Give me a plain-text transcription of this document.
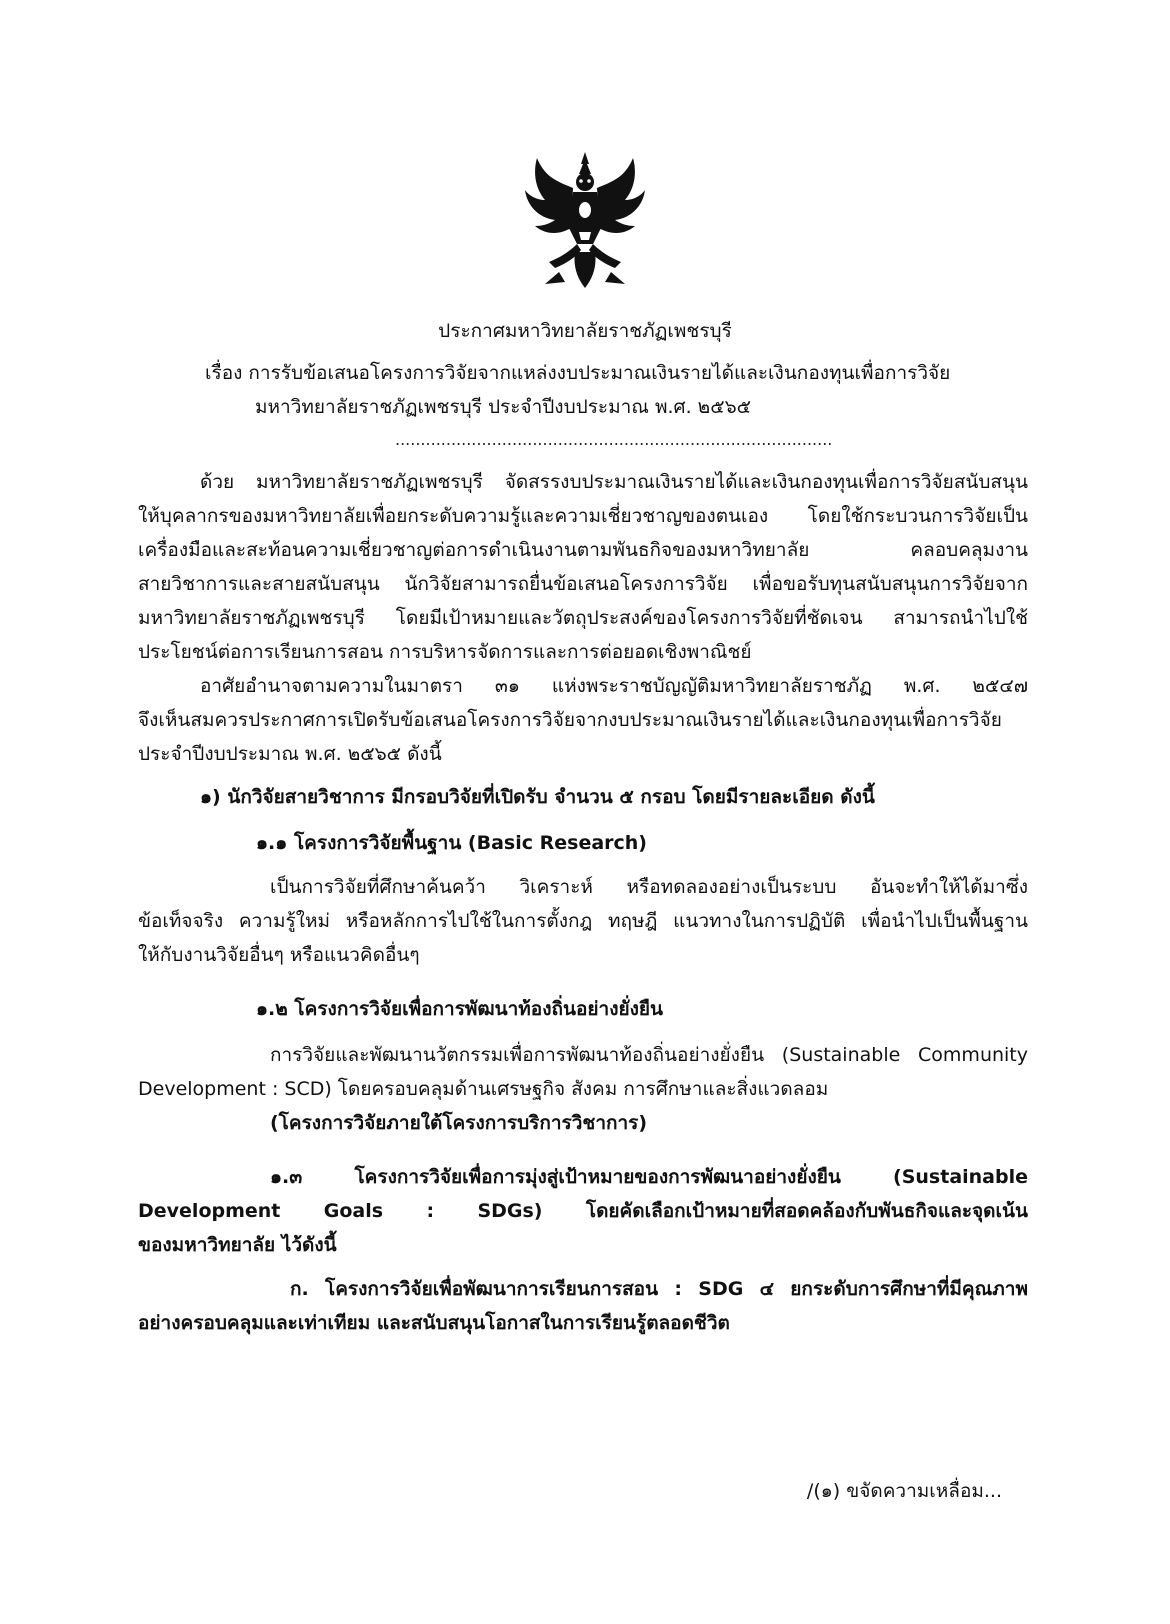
ประกาศมหาวิทยาลัยราชภัฏเพชรบุรี
เรื่อง การรับข้อเสนอโครงการวิจัยจากแหล่งงบประมาณเงินรายได้และเงินกองทุนเพื่อการวิจัย
มหาวิทยาลัยราชภัฏเพชรบุรี ประจำปีงบประมาณ พ.ศ. ๒๕๖๕
......................................................................................
ด้วย มหาวิทยาลัยราชภัฏเพชรบุรี จัดสรรงบประมาณเงินรายได้และเงินกองทุนเพื่อการวิจัยสนับสนุน
ให้บุคลากรของมหาวิทยาลัยเพื่อยกระดับความรู้และความเชี่ยวชาญของตนเอง โดยใช้กระบวนการวิจัยเป็น
เครื่องมือและสะท้อนความเชี่ยวชาญต่อการดำเนินงานตามพันธกิจของมหาวิทยาลัย คลอบคลุมงาน
สายวิชาการและสายสนับสนุน นักวิจัยสามารถยื่นข้อเสนอโครงการวิจัย เพื่อขอรับทุนสนับสนุนการวิจัยจาก
มหาวิทยาลัยราชภัฏเพชรบุรี โดยมีเป้าหมายและวัตถุประสงค์ของโครงการวิจัยที่ชัดเจน สามารถนำไปใช้
ประโยชน์ต่อการเรียนการสอน การบริหารจัดการและการต่อยอดเชิงพาณิชย์
อาศัยอำนาจตามความในมาตรา ๓๑ แห่งพระราชบัญญัติมหาวิทยาลัยราชภัฏ พ.ศ. ๒๕๔๗
จึงเห็นสมควรประกาศการเปิดรับข้อเสนอโครงการวิจัยจากงบประมาณเงินรายได้และเงินกองทุนเพื่อการวิจัย
ประจำปีงบประมาณ พ.ศ. ๒๕๖๕ ดังนี้
๑) นักวิจัยสายวิชาการ มีกรอบวิจัยที่เปิดรับ จำนวน ๕ กรอบ โดยมีรายละเอียด ดังนี้
๑.๑ โครงการวิจัยพื้นฐาน (Basic Research)
เป็นการวิจัยที่ศึกษาค้นคว้า วิเคราะห์ หรือทดลองอย่างเป็นระบบ อันจะทำให้ได้มาซึ่ง
ข้อเท็จจริง ความรู้ใหม่ หรือหลักการไปใช้ในการตั้งกฎ ทฤษฎี แนวทางในการปฏิบัติ เพื่อนำไปเป็นพื้นฐาน
ให้กับงานวิจัยอื่นๆ หรือแนวคิดอื่นๆ
๑.๒ โครงการวิจัยเพื่อการพัฒนาท้องถิ่นอย่างยั่งยืน
การวิจัยและพัฒนานวัตกรรมเพื่อการพัฒนาท้องถิ่นอย่างยั่งยืน (Sustainable Community
Development : SCD) โดยครอบคลุมด้านเศรษฐกิจ สังคม การศึกษาและสิ่งแวดลอม
(โครงการวิจัยภายใต้โครงการบริการวิชาการ)
๑.๓ โครงการวิจัยเพื่อการมุ่งสู่เป้าหมายของการพัฒนาอย่างยั่งยืน (Sustainable
Development Goals : SDGs) โดยคัดเลือกเป้าหมายที่สอดคล้องกับพันธกิจและจุดเน้น
ของมหาวิทยาลัย ไว้ดังนี้
ก. โครงการวิจัยเพื่อพัฒนาการเรียนการสอน : SDG ๔ ยกระดับการศึกษาที่มีคุณภาพ
อย่างครอบคลุมและเท่าเทียม และสนับสนุนโอกาสในการเรียนรู้ตลอดชีวิต
/(๑) ขจัดความเหลื่อม...
